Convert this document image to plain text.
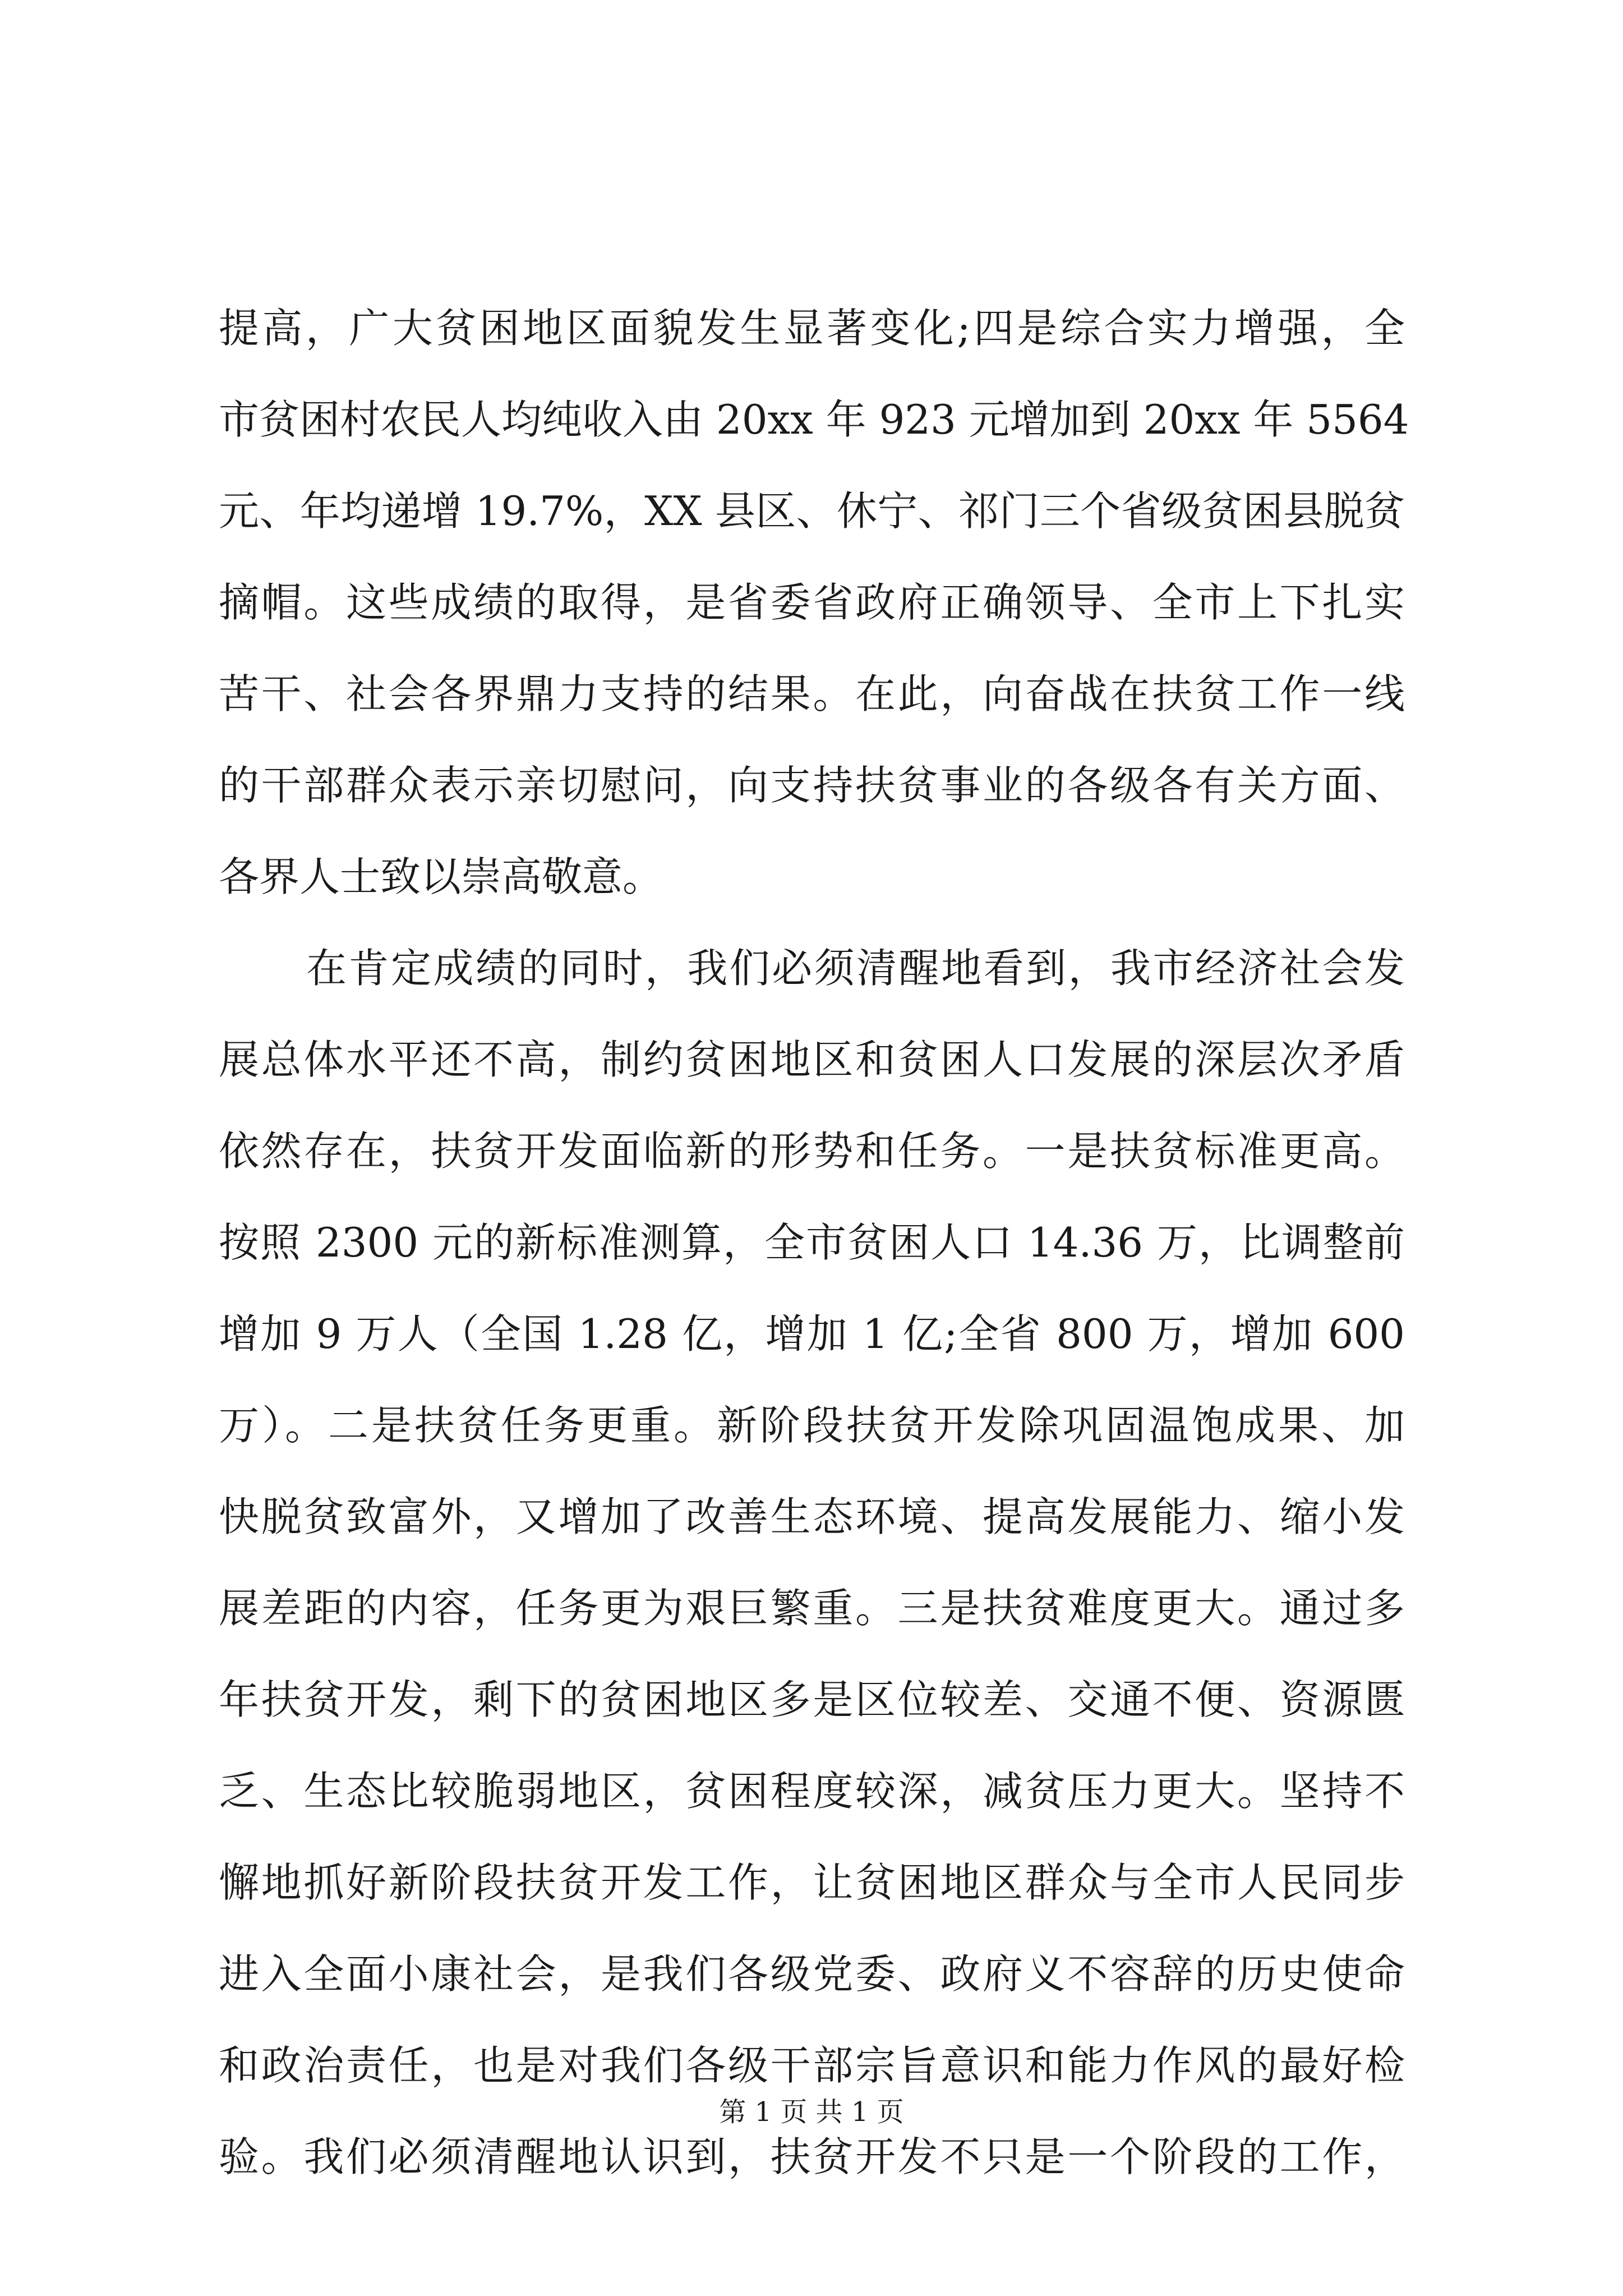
提高，广大贫困地区面貌发生显著变化;四是综合实力增强，全
市贫困村农民人均纯收入由 20xx 年 923 元增加到 20xx 年 5564
元、年均递增 19.7%，XX 县区、休宁、祁门三个省级贫困县脱贫
摘帽。这些成绩的取得，是省委省政府正确领导、全市上下扎实
苦干、社会各界鼎力支持的结果。在此，向奋战在扶贫工作一线
的干部群众表示亲切慰问，向支持扶贫事业的各级各有关方面、
各界人士致以崇高敬意。
在肯定成绩的同时，我们必须清醒地看到，我市经济社会发
展总体水平还不高，制约贫困地区和贫困人口发展的深层次矛盾
依然存在，扶贫开发面临新的形势和任务。一是扶贫标准更高。
按照 2300 元的新标准测算，全市贫困人口 14.36 万，比调整前
增加 9 万人（全国 1.28 亿，增加 1 亿;全省 800 万，增加 600
万）。二是扶贫任务更重。新阶段扶贫开发除巩固温饱成果、加
快脱贫致富外，又增加了改善生态环境、提高发展能力、缩小发
展差距的内容，任务更为艰巨繁重。三是扶贫难度更大。通过多
年扶贫开发，剩下的贫困地区多是区位较差、交通不便、资源匮
乏、生态比较脆弱地区，贫困程度较深，减贫压力更大。坚持不
懈地抓好新阶段扶贫开发工作，让贫困地区群众与全市人民同步
进入全面小康社会，是我们各级党委、政府义不容辞的历史使命
和政治责任，也是对我们各级干部宗旨意识和能力作风的最好检
验。我们必须清醒地认识到，扶贫开发不只是一个阶段的工作，
第 1 页 共 1 页
